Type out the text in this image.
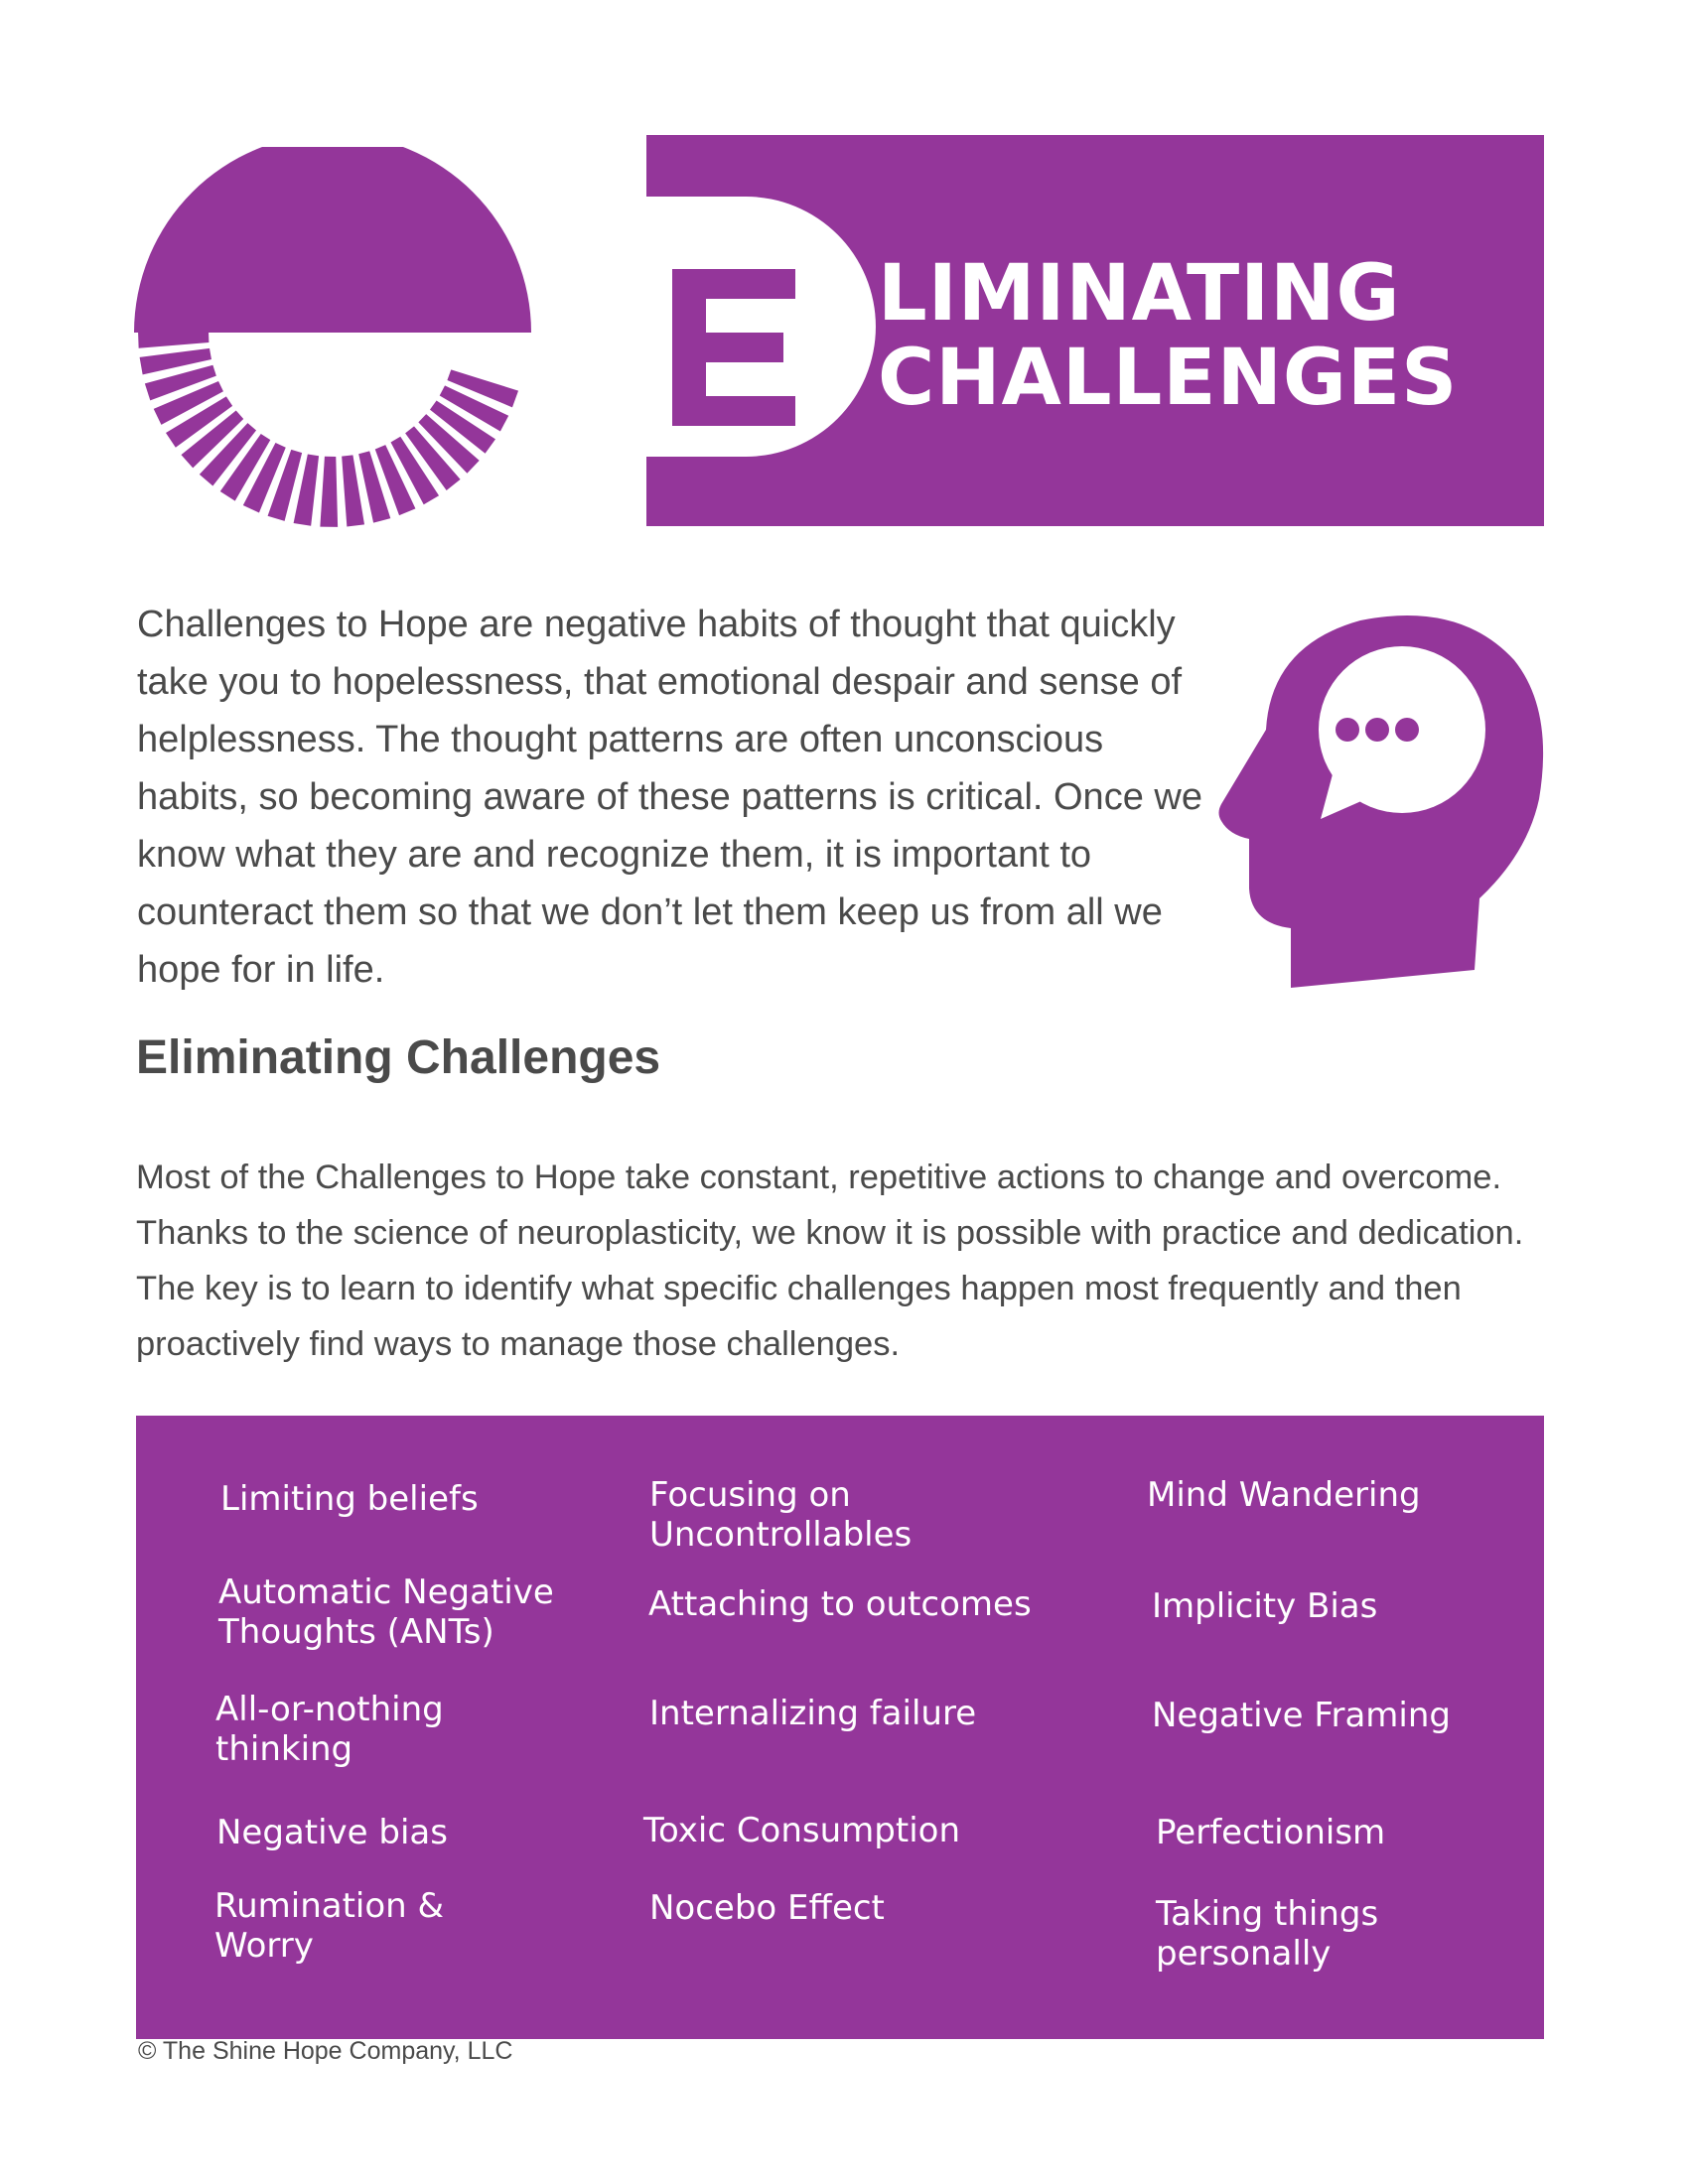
LIMINATING
CHALLENGES
Challenges to Hope are negative habits of thought that quickly take you to hopelessness, that emotional despair and sense of helplessness. The thought patterns are often unconscious habits, so becoming aware of these patterns is critical. Once we know what they are and recognize them, it is important to counteract them so that we don’t let them keep us from all we hope for in life.
Eliminating Challenges
Most of the Challenges to Hope take constant, repetitive actions to change and overcome. Thanks to the science of neuroplasticity, we know it is possible with practice and dedication. The key is to learn to identify what specific challenges happen most frequently and then proactively find ways to manage those challenges.
Limiting beliefs
Automatic Negative
Thoughts (ANTs)
All-or-nothing
thinking
Negative bias
Rumination &
Worry
Focusing on
Uncontrollables
Attaching to outcomes
Internalizing failure
Toxic Consumption
Nocebo Effect
Mind Wandering
Implicity Bias
Negative Framing
Perfectionism
Taking things
personally
© The Shine Hope Company, LLC
